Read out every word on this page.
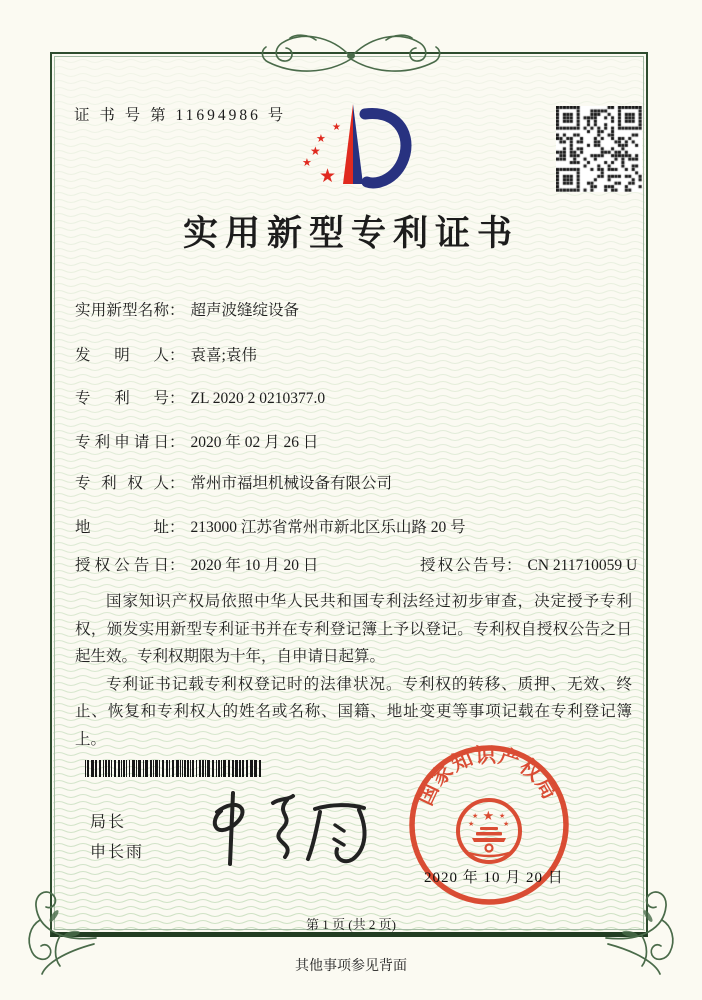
证 书 号 第 11694986 号
★
★
★
★
★
实用新型专利证书
实用新型名称： 超声波缝绽设备
发明人： 袁喜;袁伟
专利号： ZL 2020 2 0210377.0
专利申请日： 2020 年 02 月 26 日
专利权人： 常州市福坦机械设备有限公司
地址： 213000 江苏省常州市新北区乐山路 20 号
授权公告日： 2020 年 10 月 20 日	授权公告号： CN 211710059 U

国家知识产权局依照中华人民共和国专利法经过初步审查，决定授予专利权，颁发实用新型专利证书并在专利登记簿上予以登记。专利权自授权公告之日起生效。专利权期限为十年，自申请日起算。

专利证书记载专利权登记时的法律状况。专利权的转移、质押、无效、终止、恢复和专利权人的姓名或名称、国籍、地址变更等事项记载在专利登记簿上。

局长
申长雨
国家知识产权局
★
★	★
★	★
2020 年 10 月 20 日
第 1 页 (共 2 页)
其他事项参见背面
